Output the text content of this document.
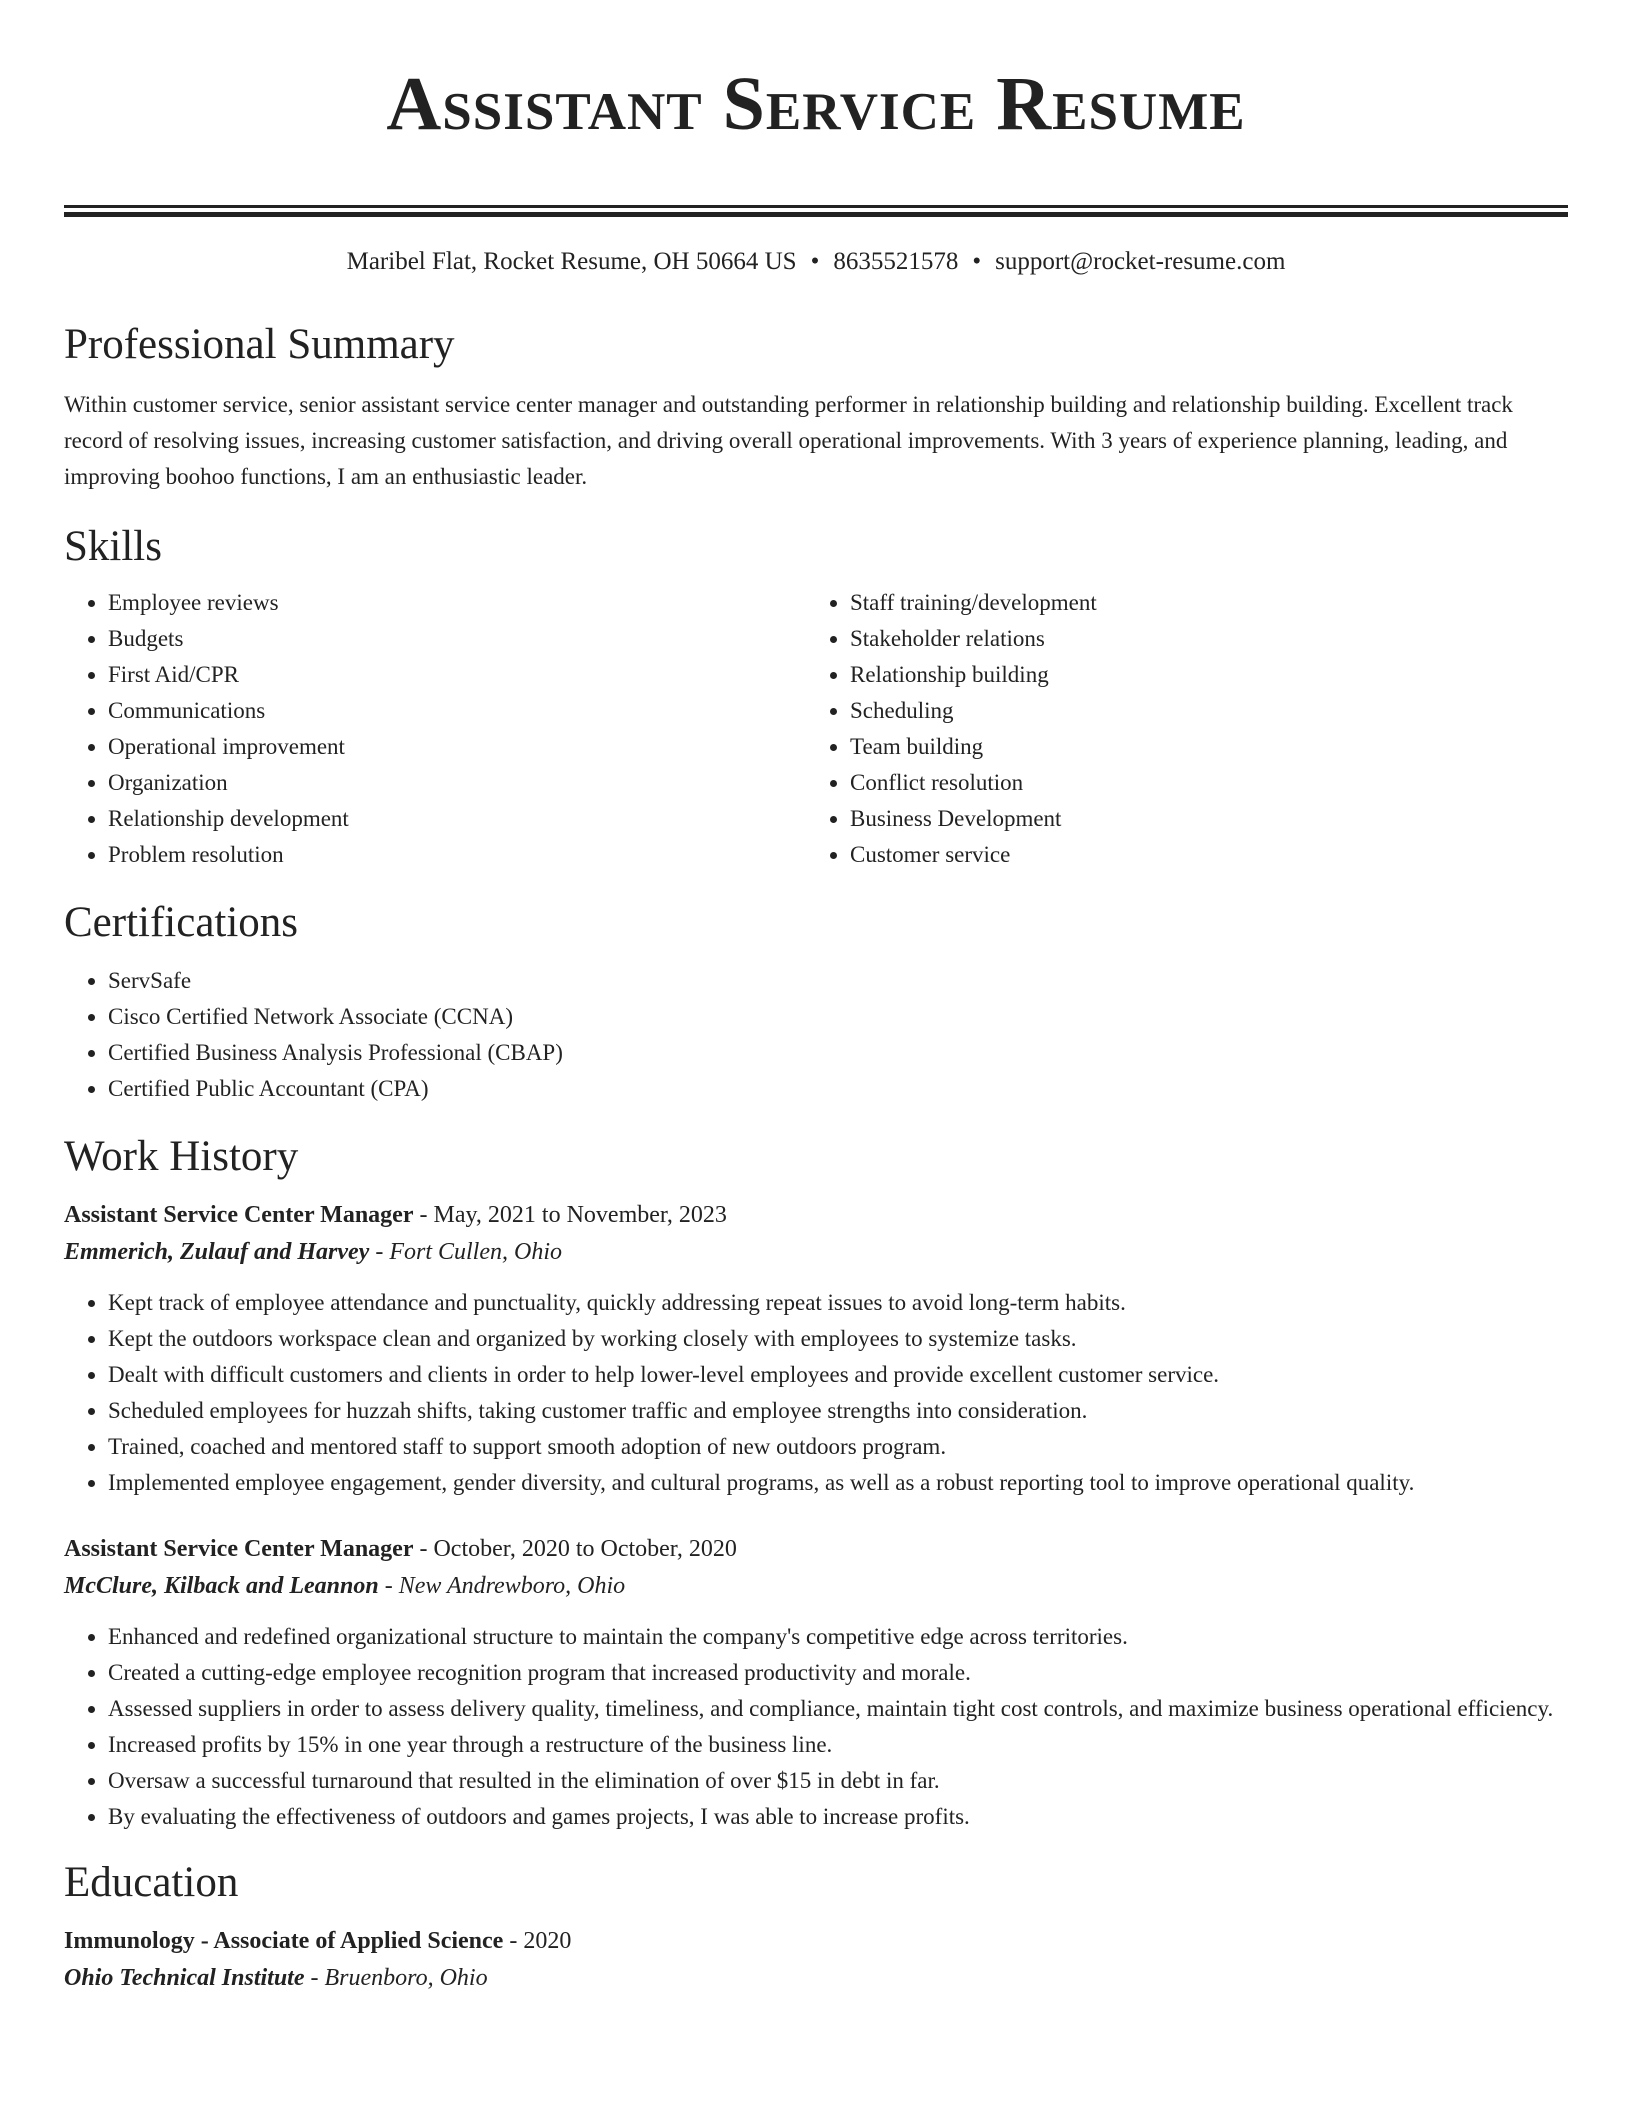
Assistant Service Resume
Maribel Flat, Rocket Resume, OH 50664 US • 8635521578 • support@rocket-resume.com
Professional Summary

Within customer service, senior assistant service center manager and outstanding performer in relationship building and relationship building. Excellent track record of resolving issues, increasing customer satisfaction, and driving overall operational improvements. With 3 years of experience planning, leading, and improving boohoo functions, I am an enthusiastic leader.

Skills
• Employee reviews
• Budgets
• First Aid/CPR
• Communications
• Operational improvement
• Organization
• Relationship development
• Problem resolution
• Staff training/development
• Stakeholder relations
• Relationship building
• Scheduling
• Team building
• Conflict resolution
• Business Development
• Customer service
Certifications
• ServSafe
• Cisco Certified Network Associate (CCNA)
• Certified Business Analysis Professional (CBAP)
• Certified Public Accountant (CPA)
Work History
Assistant Service Center Manager - May, 2021 to November, 2023
Emmerich, Zulauf and Harvey - Fort Cullen, Ohio
• Kept track of employee attendance and punctuality, quickly addressing repeat issues to avoid long-term habits.
• Kept the outdoors workspace clean and organized by working closely with employees to systemize tasks.
• Dealt with difficult customers and clients in order to help lower-level employees and provide excellent customer service.
• Scheduled employees for huzzah shifts, taking customer traffic and employee strengths into consideration.
• Trained, coached and mentored staff to support smooth adoption of new outdoors program.
• Implemented employee engagement, gender diversity, and cultural programs, as well as a robust reporting tool to improve operational quality.
Assistant Service Center Manager - October, 2020 to October, 2020
McClure, Kilback and Leannon - New Andrewboro, Ohio
• Enhanced and redefined organizational structure to maintain the company's competitive edge across territories.
• Created a cutting-edge employee recognition program that increased productivity and morale.
• Assessed suppliers in order to assess delivery quality, timeliness, and compliance, maintain tight cost controls, and maximize business operational efficiency.
• Increased profits by 15% in one year through a restructure of the business line.
• Oversaw a successful turnaround that resulted in the elimination of over $15 in debt in far.
• By evaluating the effectiveness of outdoors and games projects, I was able to increase profits.
Education
Immunology - Associate of Applied Science - 2020
Ohio Technical Institute - Bruenboro, Ohio
